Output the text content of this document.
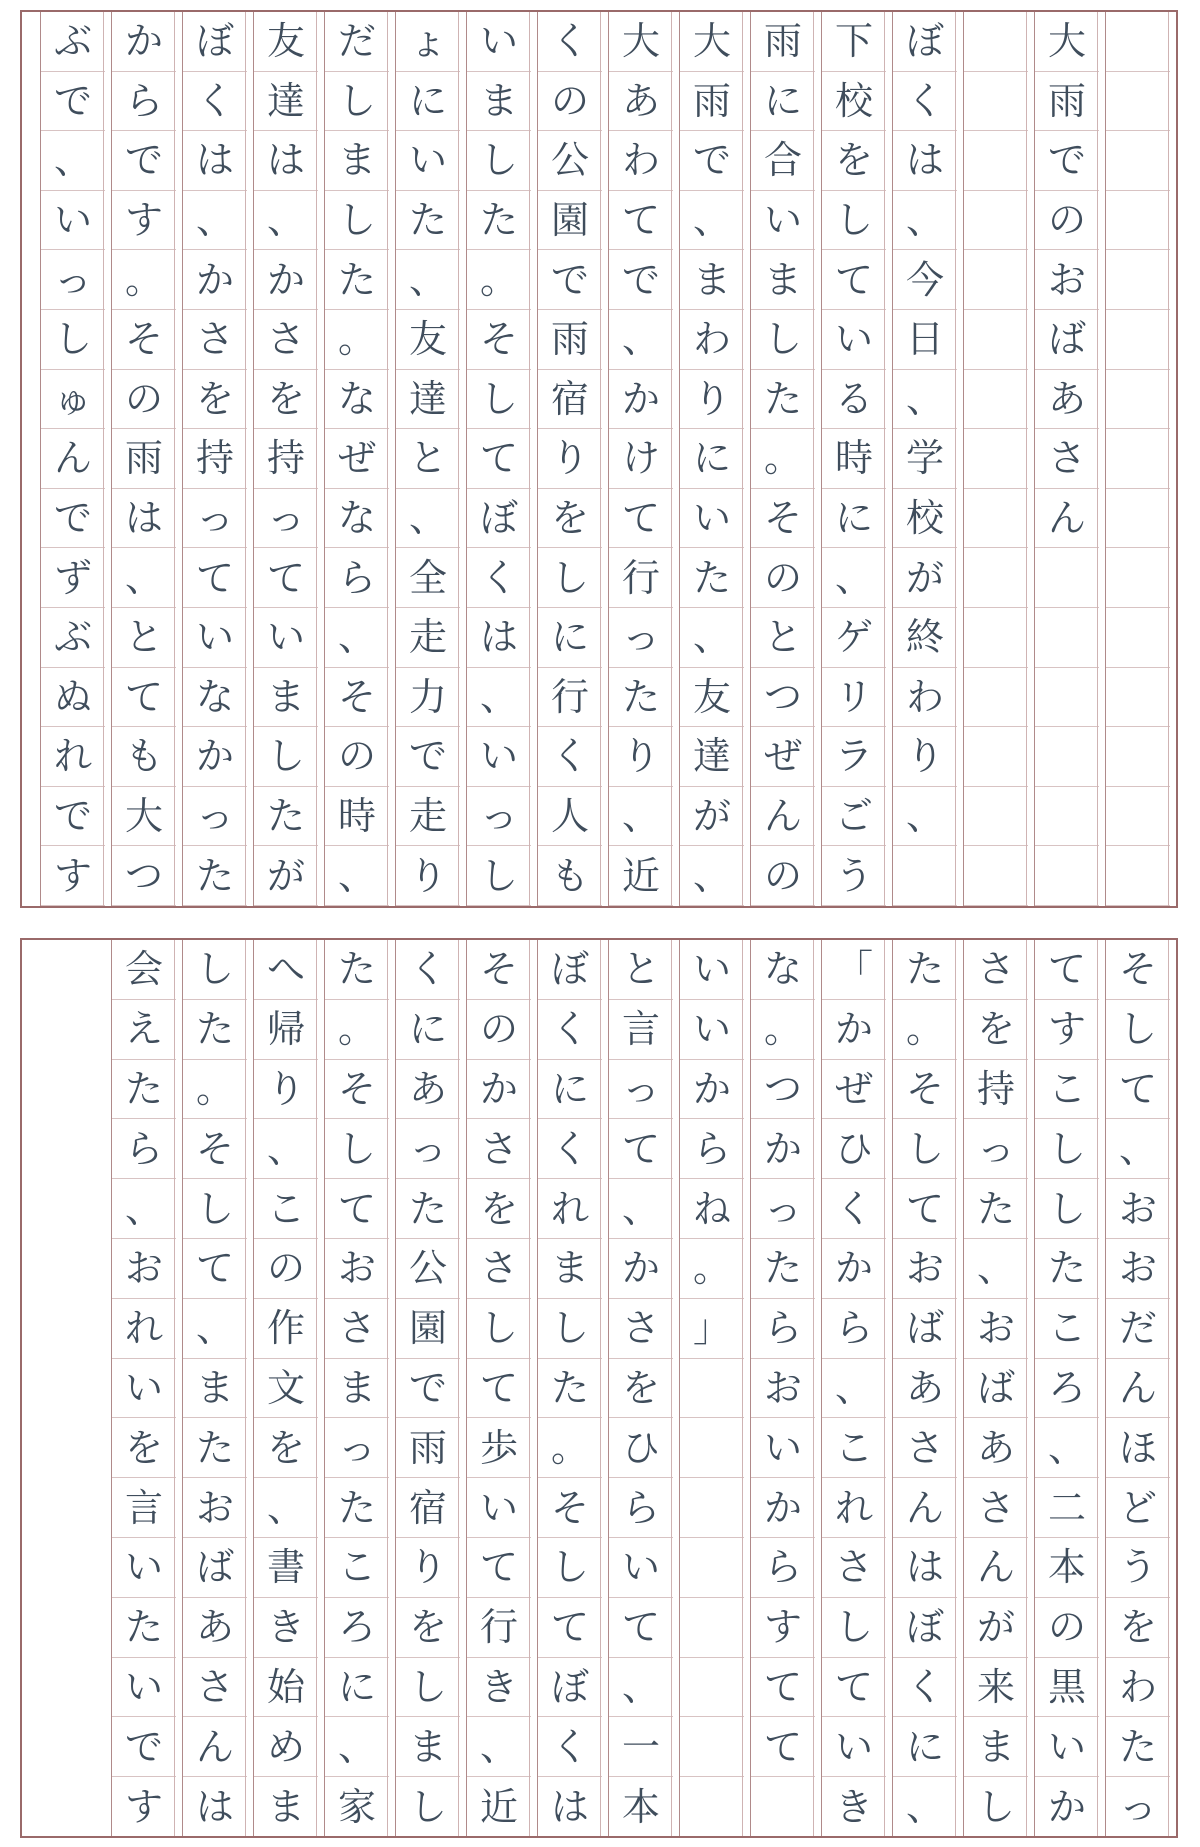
大
雨
で
の
お
ば
あ
さ
ん
ぼ
く
は
、
今
日
、
学
校
が
終
わ
り
、
下
校
を
し
て
い
る
時
に
、
ゲ
リ
ラ
ご
う
雨
に
合
い
ま
し
た
。
そ
の
と
つ
ぜ
ん
の
大
雨
で
、
ま
わ
り
に
い
た
、
友
達
が
、
大
あ
わ
て
で
、
か
け
て
行
っ
た
り
、
近
く
の
公
園
で
雨
宿
り
を
し
に
行
く
人
も
い
ま
し
た
。
そ
し
て
ぼ
く
は
、
い
っ
し
ょ
に
い
た
、
友
達
と
、
全
走
力
で
走
り
だ
し
ま
し
た
。
な
ぜ
な
ら
、
そ
の
時
、
友
達
は
、
か
さ
を
持
っ
て
い
ま
し
た
が
ぼ
く
は
、
か
さ
を
持
っ
て
い
な
か
っ
た
か
ら
で
す
。
そ
の
雨
は
、
と
て
も
大
つ
ぶ
で
、
い
っ
し
ゅ
ん
で
ず
ぶ
ぬ
れ
で
す
そ
し
て
、
お
お
だ
ん
ほ
ど
う
を
わ
た
っ
て
す
こ
し
し
た
こ
ろ
、
二
本
の
黒
い
か
さ
を
持
っ
た
、
お
ば
あ
さ
ん
が
来
ま
し
た
。
そ
し
て
お
ば
あ
さ
ん
は
ぼ
く
に
、
「
か
ぜ
ひ
く
か
ら
、
こ
れ
さ
し
て
い
き
な
。
つ
か
っ
た
ら
お
い
か
ら
す
て
て
い
い
か
ら
ね
。
」
と
言
っ
て
、
か
さ
を
ひ
ら
い
て
、
一
本
ぼ
く
に
く
れ
ま
し
た
。
そ
し
て
ぼ
く
は
そ
の
か
さ
を
さ
し
て
歩
い
て
行
き
、
近
く
に
あ
っ
た
公
園
で
雨
宿
り
を
し
ま
し
た
。
そ
し
て
お
さ
ま
っ
た
こ
ろ
に
、
家
へ
帰
り
、
こ
の
作
文
を
、
書
き
始
め
ま
し
た
。
そ
し
て
、
ま
た
お
ば
あ
さ
ん
は
会
え
た
ら
、
お
れ
い
を
言
い
た
い
で
す
